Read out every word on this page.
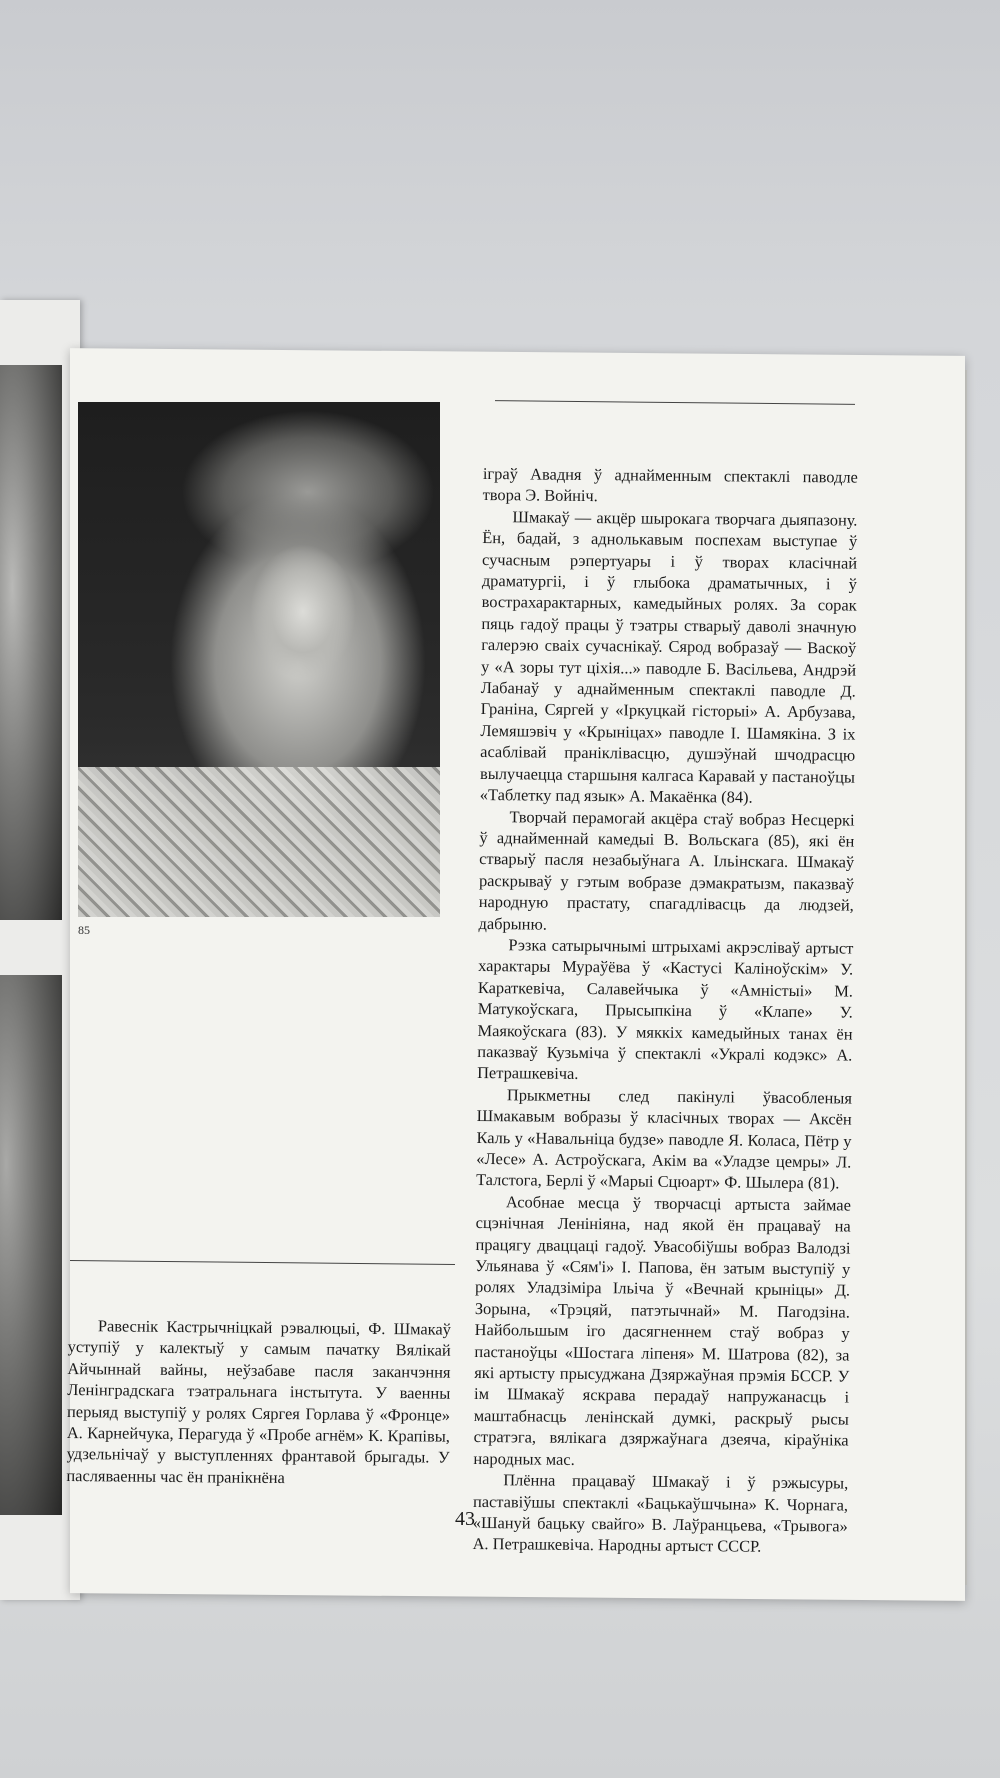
85

іграў Авадня ў аднайменным спектаклі паводле твора Э. Войніч.

Шмакаў — акцёр шырокага творчага дыяпазону. Ён, бадай, з аднолькавым поспехам выступае ў сучасным рэпертуары і ў творах класічнай драматургіі, і ў глыбока драматычных, і ў вострахарактарных, камедыйных ролях. За сорак пяць гадоў працы ў тэатры стварыў даволі значную галерэю сваіх сучаснікаў. Сярод вобразаў — Васкоў у «А зоры тут ціхія...» паводле Б. Васільева, Андрэй Лабанаў у аднайменным спектаклі паводле Д. Граніна, Сяргей у «Іркуцкай гісторыі» А. Арбузава, Лемяшэвіч у «Крыніцах» паводле І. Шамякіна. З іх асаблівай праніклівасцю, душэўнай шчодрасцю вылучаецца старшыня калгаса Каравай у пастаноўцы «Таблетку пад язык» А. Макаёнка (84).

Творчай перамогай акцёра стаў вобраз Несцеркі ў аднайменнай камедыі В. Вольскага (85), які ён стварыў пасля незабыўнага А. Ільінскага. Шмакаў раскрываў у гэтым вобразе дэмакратызм, паказваў народную прастату, спагадлівасць да людзей, дабрыню.

Рэзка сатырычнымі штрыхамі акрэсліваў артыст характары Мураўёва ў «Кастусі Каліноўскім» У. Караткевіча, Салавейчыка ў «Амністыі» М. Матукоўскага, Прысыпкіна ў «Клапе» У. Маякоўскага (83). У мяккіх камедыйных танах ён паказваў Кузьміча ў спектаклі «Укралі кодэкс» А. Петрашкевіча.

Прыкметны след пакінулі ўвасобленыя Шмакавым вобразы ў класічных творах — Аксён Каль у «Навальніца будзе» паводле Я. Коласа, Пётр у «Лесе» А. Астроўскага, Акім ва «Уладзе цемры» Л. Талстога, Берлі ў «Марыі Сцюарт» Ф. Шылера (81).

Асобнае месца ў творчасці артыста займае сцэнічная Ленініяна, над якой ён працаваў на працягу дваццаці гадоў. Увасобіўшы вобраз Валодзі Ульянава ў «Сям'і» І. Папова, ён затым выступіў у ролях Уладзіміра Ільіча ў «Вечнай крыніцы» Д. Зорына, «Трэцяй, патэтычнай» М. Пагодзіна. Найбольшым іго дасягненнем стаў вобраз у пастаноўцы «Шостага ліпеня» М. Шатрова (82), за які артысту прысуджана Дзяржаўная прэмія БССР. У ім Шмакаў яскрава перадаў напружанасць і маштабнасць ленінскай думкі, раскрыў рысы стратэга, вялікага дзяржаўнага дзеяча, кіраўніка народных мас.

Плённа працаваў Шмакаў і ў рэжысуры, паставіўшы спектаклі «Бацькаўшчына» К. Чорнага, «Шануй бацьку свайго» В. Лаўранцьева, «Трывога» А. Петрашкевіча. Народны артыст СССР.

Равеснік Кастрычніцкай рэвалюцыі, Ф. Шмакаў уступіў у калектыў у самым пачатку Вялікай Айчыннай вайны, неўзабаве пасля заканчэння Ленінградскага тэатральнага інстытута. У ваенны перыяд выступіў у ролях Сяргея Горлава ў «Фронце» А. Карнейчука, Перагуда ў «Пробе агнём» К. Крапівы, удзельнічаў у выступленнях франтавой брыгады. У пасляваенны час ён пранікнёна

43
